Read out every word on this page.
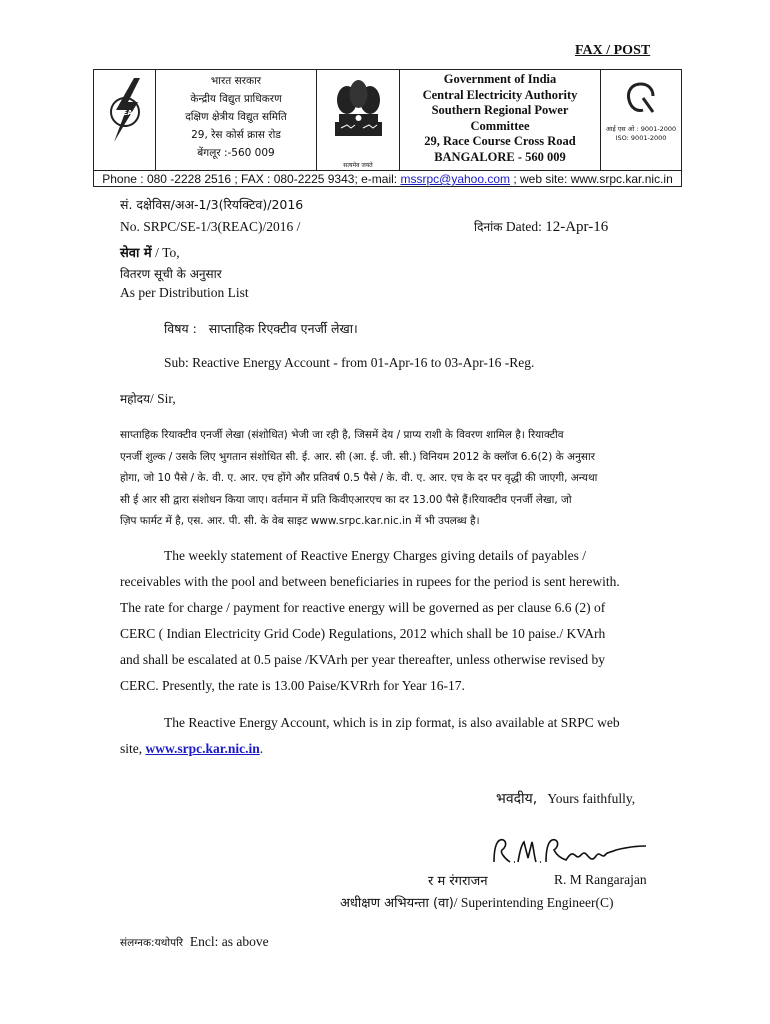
FAX / POST
CEA
भारत सरकार
केन्द्रीय विद्युत प्राधिकरण
दक्षिण क्षेत्रीय विद्युत समिति
29, रेस कोर्स क्रास रोड
बेंगलूर :-560 009
सत्यमेव जयते
Government of India
Central Electricity Authority
Southern Regional Power
Committee
29, Race Course Cross Road
BANGALORE - 560 009
आई एस ओ : 9001-2000
ISO: 9001-2000
Phone : 080 -2228 2516 ; FAX : 080-2225 9343; e-mail: mssrpc@yahoo.com ; web site: www.srpc.kar.nic.in
सं. दक्षेविस/अअ-1/3(रियक्टिव)/2016
No. SRPC/SE-1/3(REAC)/2016 /	दिनांक Dated: 12-Apr-16
सेवा में / To,
वितरण सूची के अनुसार
As per Distribution List
विषय : साप्ताहिक रिएक्टीव एनर्जी लेखा।
Sub: Reactive Energy Account - from 01-Apr-16 to 03-Apr-16 -Reg.
महोदय/ Sir,
साप्ताहिक रियाक्टीव एनर्जी लेखा (संशोधित) भेजी जा रही है, जिसमें देय / प्राप्य राशी के विवरण शामिल है। रियाक्टीव
एनर्जी शुल्क / उसके लिए भुगतान संशोधित सी. ई. आर. सी (आ. ई. जी. सी.) विनियम 2012 के क्लॉज 6.6(2) के अनुसार
होगा, जो 10 पैसे / के. वी. ए. आर. एच होंगे और प्रतिवर्ष 0.5 पैसे / के. वी. ए. आर. एच के दर पर वृद्धी की जाएगी, अन्यथा
सी ई आर सी द्वारा संशोधन किया जाए। वर्तमान में प्रति किवीएआरएच का दर 13.00 पैसे हैं।रियाक्टीव एनर्जी लेखा, जो
ज़िप फार्मट में है, एस. आर. पी. सी. के वेब साइट www.srpc.kar.nic.in में भी उपलब्ध है।
The weekly statement of Reactive Energy Charges giving details of payables /
receivables with the pool and between beneficiaries in rupees for the period is sent herewith.
The rate for charge / payment for reactive energy will be governed as per clause 6.6 (2) of
CERC ( Indian Electricity Grid Code) Regulations, 2012 which shall be 10 paise./ KVArh
and shall be escalated at 0.5 paise /KVArh per year thereafter, unless otherwise revised by
CERC. Presently, the rate is 13.00 Paise/KVRrh for Year 16-17.
The Reactive Energy Account, which is in zip format, is also available at SRPC web
site, www.srpc.kar.nic.in.
भवदीय, Yours faithfully,
र म रंगराजन	R. M Rangarajan
अधीक्षण अभियन्ता (वा)/ Superintending Engineer(C)
संलग्नक:यथोपरि Encl: as above
